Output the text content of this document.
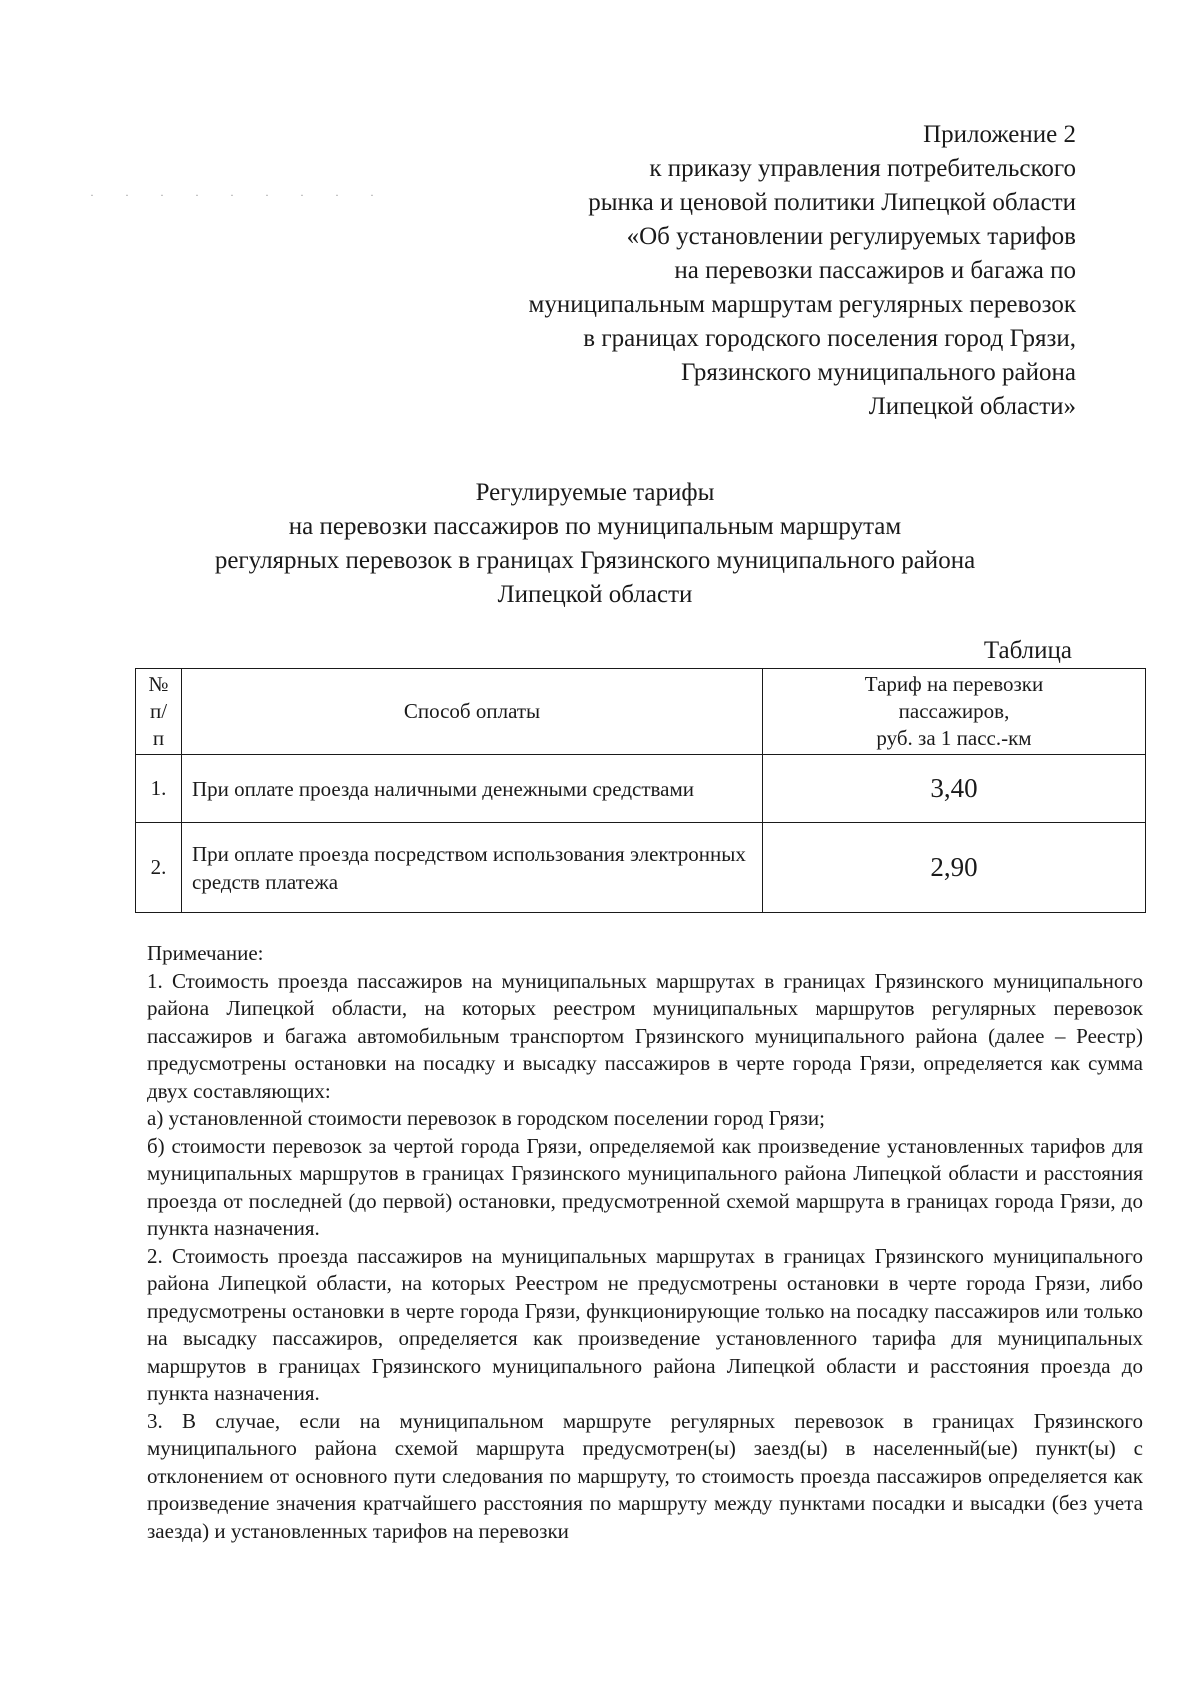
· · · · · · · · ·
Приложение 2
к приказу управления потребительского
рынка и ценовой политики Липецкой области
«Об установлении регулируемых тарифов
на перевозки пассажиров и багажа по
муниципальным маршрутам регулярных перевозок
в границах городского поселения город Грязи,
Грязинского муниципального района
Липецкой области»
Регулируемые тарифы
на перевозки пассажиров по муниципальным маршрутам
регулярных перевозок в границах Грязинского муниципального района
Липецкой области
Таблица
№
п/п	Способ оплаты	Тариф на перевозки
пассажиров,
руб. за 1 пасс.-км

1.	При оплате проезда наличными денежными средствами	3,40
2.	При оплате проезда посредством использования электронных средств платежа	2,90

Примечание:

1. Стоимость проезда пассажиров на муниципальных маршрутах в границах Грязинского муниципального района Липецкой области, на которых реестром муниципальных маршрутов регулярных перевозок пассажиров и багажа автомобильным транспортом Грязинского муниципального района (далее – Реестр) предусмотрены остановки на посадку и высадку пассажиров в черте города Грязи, определяется как сумма двух составляющих:

а) установленной стоимости перевозок в городском поселении город Грязи;

б) стоимости перевозок за чертой города Грязи, определяемой как произведение установленных тарифов для муниципальных маршрутов в границах Грязинского муниципального района Липецкой области и расстояния проезда от последней (до первой) остановки, предусмотренной схемой маршрута в границах города Грязи, до пункта назначения.

2. Стоимость проезда пассажиров на муниципальных маршрутах в границах Грязинского муниципального района Липецкой области, на которых Реестром не предусмотрены остановки в черте города Грязи, либо предусмотрены остановки в черте города Грязи, функционирующие только на посадку пассажиров или только на высадку пассажиров, определяется как произведение установленного тарифа для муниципальных маршрутов в границах Грязинского муниципального района Липецкой области и расстояния проезда до пункта назначения.

3. В случае, если на муниципальном маршруте регулярных перевозок в границах Грязинского муниципального района схемой маршрута предусмотрен(ы) заезд(ы) в населенный(ые) пункт(ы) с отклонением от основного пути следования по маршруту, то стоимость проезда пассажиров определяется как произведение значения кратчайшего расстояния по маршруту между пунктами посадки и высадки (без учета заезда) и установленных тарифов на перевозки
